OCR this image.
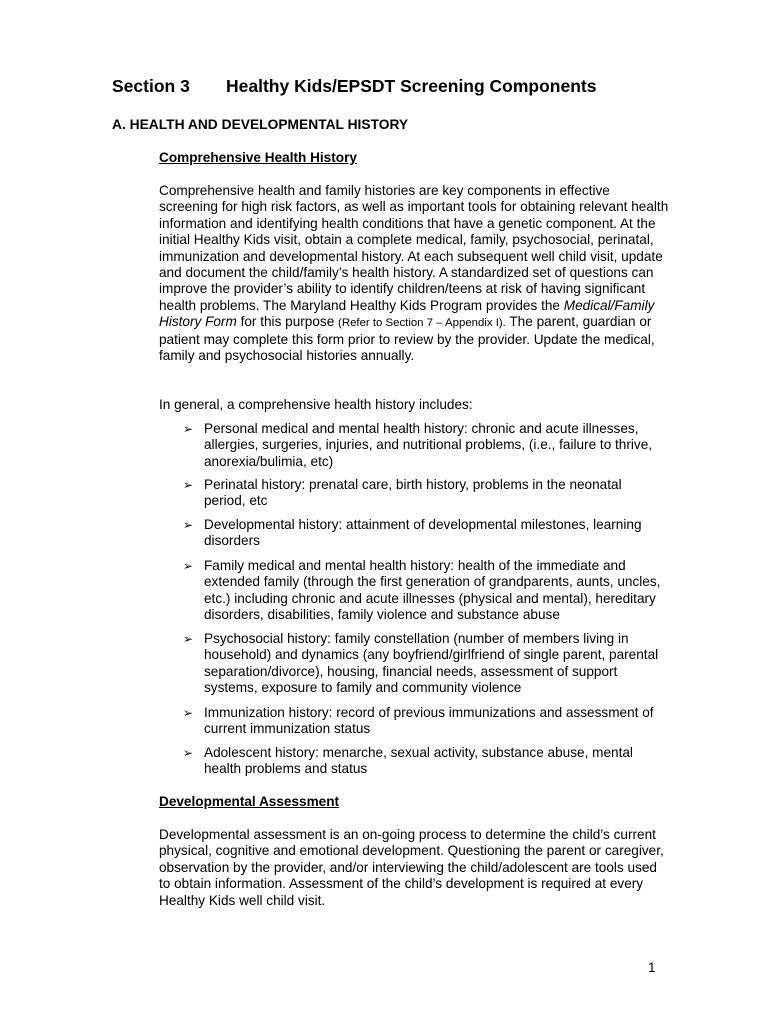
Section 3 Healthy Kids/EPSDT Screening Components
A. HEALTH AND DEVELOPMENTAL HISTORY
Comprehensive Health History

Comprehensive health and family histories are key components in effective screening for high risk factors, as well as important tools for obtaining relevant health information and identifying health conditions that have a genetic component. At the initial Healthy Kids visit, obtain a complete medical, family, psychosocial, perinatal, immunization and developmental history. At each subsequent well child visit, update and document the child/family’s health history. A standardized set of questions can improve the provider’s ability to identify children/teens at risk of having significant health problems. The Maryland Healthy Kids Program provides the Medical/Family History Form for this purpose (Refer to Section 7 – Appendix I). The parent, guardian or patient may complete this form prior to review by the provider. Update the medical, family and psychosocial histories annually.

In general, a comprehensive health history includes:

➢ Personal medical and mental health history: chronic and acute illnesses, allergies, surgeries, injuries, and nutritional problems, (i.e., failure to thrive, anorexia/bulimia, etc)
➢ Perinatal history: prenatal care, birth history, problems in the neonatal period, etc
➢ Developmental history: attainment of developmental milestones, learning disorders
➢ Family medical and mental health history: health of the immediate and extended family (through the first generation of grandparents, aunts, uncles, etc.) including chronic and acute illnesses (physical and mental), hereditary disorders, disabilities, family violence and substance abuse
➢ Psychosocial history: family constellation (number of members living in household) and dynamics (any boyfriend/girlfriend of single parent, parental separation/divorce), housing, financial needs, assessment of support systems, exposure to family and community violence
➢ Immunization history: record of previous immunizations and assessment of current immunization status
➢ Adolescent history: menarche, sexual activity, substance abuse, mental health problems and status
Developmental Assessment

Developmental assessment is an on-going process to determine the child’s current physical, cognitive and emotional development. Questioning the parent or caregiver, observation by the provider, and/or interviewing the child/adolescent are tools used to obtain information. Assessment of the child’s development is required at every Healthy Kids well child visit.

1
